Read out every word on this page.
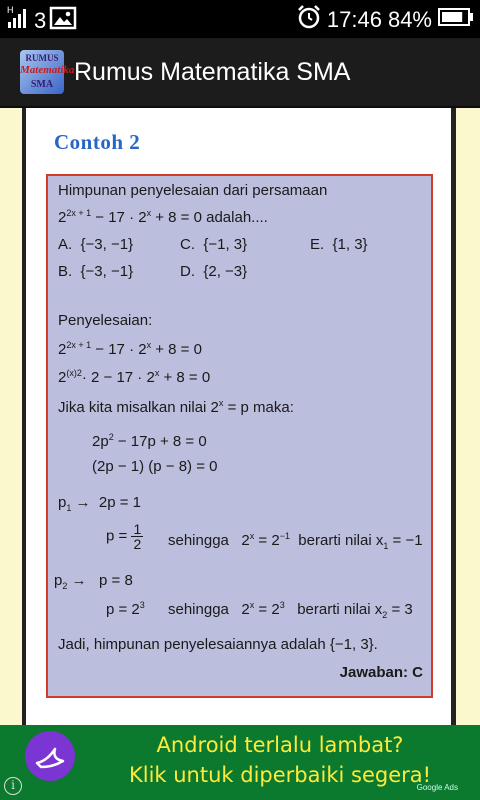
H 3	17:46 84%
RUMUS
Matematika
SMA Rumus Matematika SMA
Contoh 2
Himpunan penyelesaian dari persamaan
$2^{2x + 1} - 17 \cdot 2^x + 8 = 0$ adalah....
A. {−3, −1}	C. {−1, 3}	E. {1, 3}
B. {−3, −1}	D. {2, −3}
Penyelesaian:
$2^{2x + 1} - 17 \cdot 2^x + 8 = 0$
$2^{(x)2}\cdot 2 - 17 \cdot 2^x + 8 = 0$
Jika kita misalkan nilai $2^x = p$ maka:
$2p^2 - 17p + 8 = 0$
(2p − 1) (p − 8) = 0
$p_1 \to 2p = 1$
$p = \frac{1}{2}$ sehingga $2^x = 2^{-1}$ berarti nilai $x_1 = -1$
$p_2 \to p = 8$
$p = 2^3$ sehingga $2^x = 2^3$ berarti nilai $x_2 = 3$
Jadi, himpunan penyelesaiannya adalah {−1, 3}.
Jawaban: C
Android terlalu lambat?
Klik untuk diperbaiki segera!
i	Google Ads
